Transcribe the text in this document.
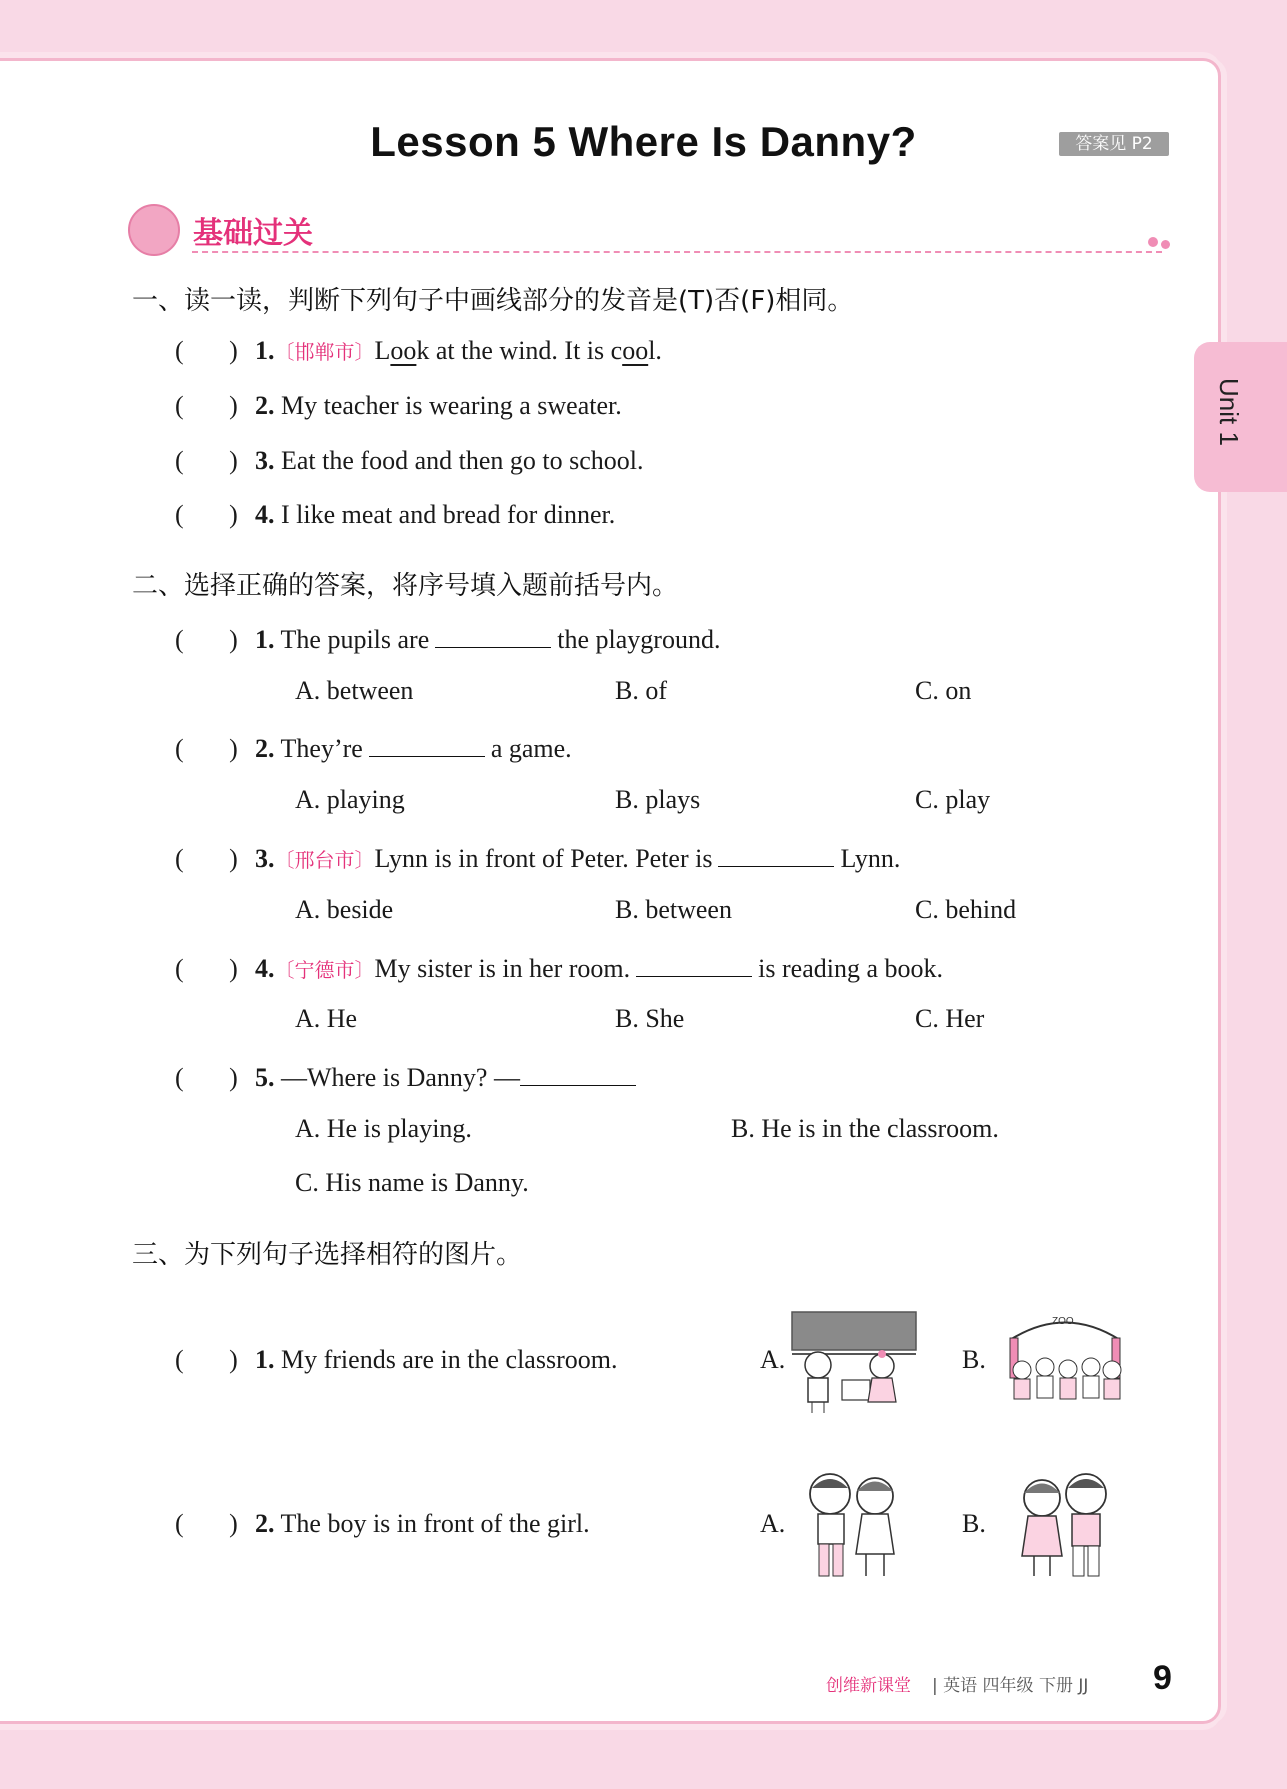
Lesson 5 Where Is Danny?	答案见 P2
Unit 1
基础过关
一、读一读，判断下列句子中画线部分的发音是(T)否(F)相同。
(       ) 1.〔邯郸市〕Look at the wind. It is cool.
(       ) 2. My teacher is wearing a sweater.
(       ) 3. Eat the food and then go to school.
(       ) 4. I like meat and bread for dinner.
二、选择正确的答案，将序号填入题前括号内。
(       ) 1. The pupils are	the playground.
A. between	B. of	C. on
(       ) 2. They’re	a game.
A. playing	B. plays	C. play
(       ) 3.〔邢台市〕Lynn is in front of Peter. Peter is	Lynn.
A. beside	B. between	C. behind
(       ) 4.〔宁德市〕My sister is in her room.	is reading a book.
A. He	B. She	C. Her
(       ) 5. —Where is Danny? —
A. He is playing.	B. He is in the classroom.
C. His name is Danny.
三、为下列句子选择相符的图片。
(       ) 1. My friends are in the classroom.	A.	B.
ZOO
(       ) 2. The boy is in front of the girl.	A.	B.
创维新课堂 | 英语 四年级 下册 JJ 9
